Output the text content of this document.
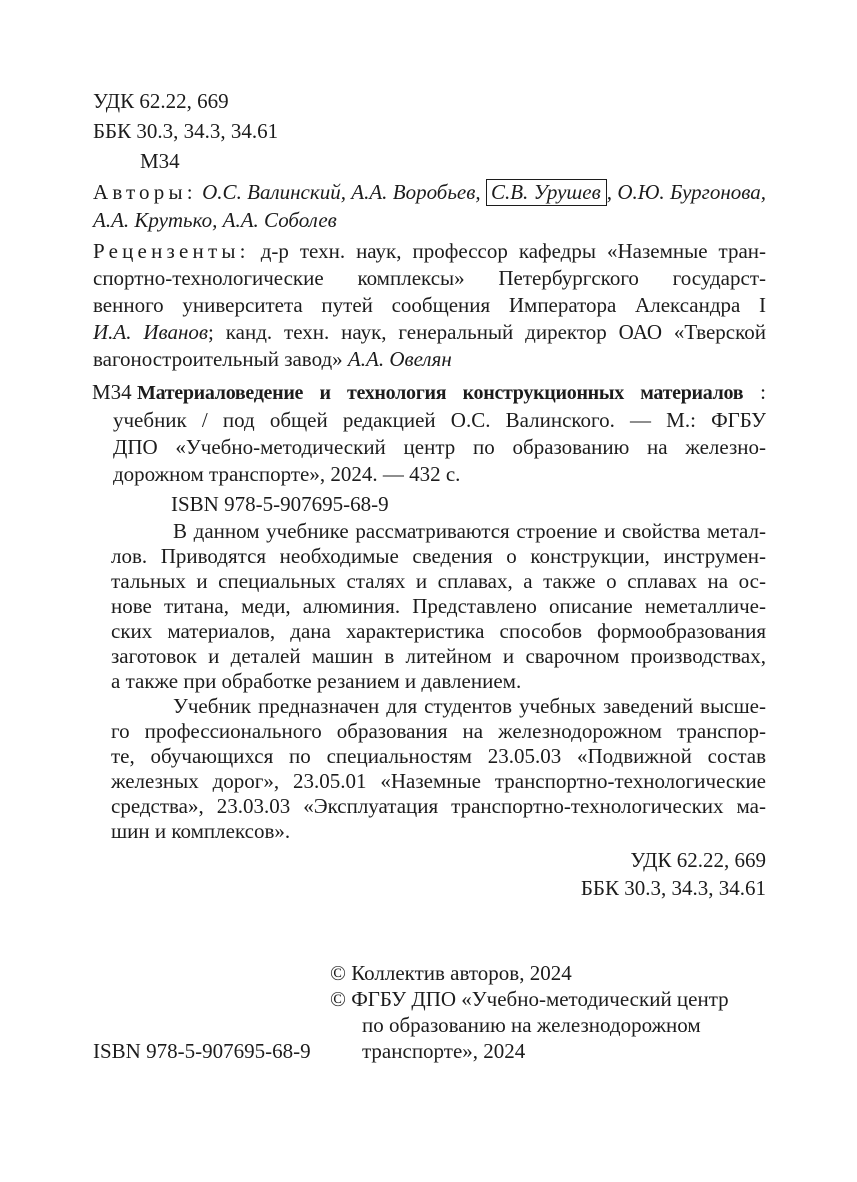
УДК 62.22, 669
ББК 30.3, 34.3, 34.61
М34

Авторы: О.С. Валинский, А.А. Воробьев, С.В. Урушев , О.Ю. Бургонова,
А.А. Крутько, А.А. Соболев

Рецензенты: д-р техн. наук, профессор кафедры «Наземные тран-
спортно-технологические комплексы» Петербургского государст-
венного университета путей сообщения Императора Александра I
И.А. Иванов; канд. техн. наук, генеральный директор ОАО «Тверской
вагоностроительный завод» А.А. Овелян

М34 Материаловедение и технология конструкционных материалов :
учебник / под общей редакцией О.С. Валинского. — М.: ФГБУ
ДПО «Учебно-методический центр по образованию на железно-
дорожном транспорте», 2024. — 432 с.
ISBN 978-5-907695-68-9
В данном учебнике рассматриваются строение и свойства метал-
лов. Приводятся необходимые сведения о конструкции, инструмен-
тальных и специальных сталях и сплавах, а также о сплавах на ос-
нове титана, меди, алюминия. Представлено описание неметалличе-
ских материалов, дана характеристика способов формообразования
заготовок и деталей машин в литейном и сварочном производствах,
а также при обработке резанием и давлением.
Учебник предназначен для студентов учебных заведений высше-
го профессионального образования на железнодорожном транспор-
те, обучающихся по специальностям 23.05.03 «Подвижной состав
железных дорог», 23.05.01 «Наземные транспортно-технологические
средства», 23.03.03 «Эксплуатация транспортно-технологических ма-
шин и комплексов».
УДК 62.22, 669
ББК 30.3, 34.3, 34.61
ISBN 978-5-907695-68-9
© Коллектив авторов, 2024
© ФГБУ ДПО «Учебно-методический центр
по образованию на железнодорожном
транспорте», 2024
